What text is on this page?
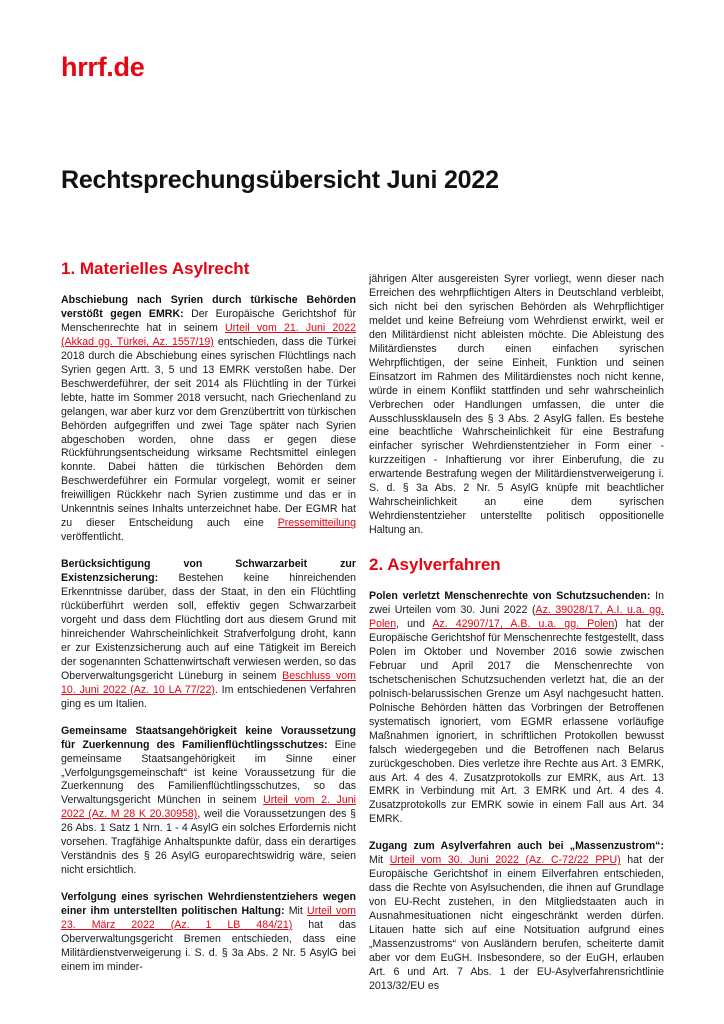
hrrf.de
Rechtsprechungsübersicht Juni 2022
1. Materielles Asylrecht

Abschiebung nach Syrien durch türkische Behörden verstößt gegen EMRK: Der Europäische Gerichtshof für Menschenrechte hat in seinem Urteil vom 21. Juni 2022 (Akkad gg. Türkei, Az. 1557/19) entschieden, dass die Türkei 2018 durch die Abschiebung eines syrischen Flüchtlings nach Syrien gegen Artt. 3, 5 und 13 EMRK verstoßen habe. Der Beschwerdeführer, der seit 2014 als Flüchtling in der Türkei lebte, hatte im Sommer 2018 versucht, nach Griechenland zu gelangen, war aber kurz vor dem Grenzübertritt von türkischen Behörden aufgegriffen und zwei Tage später nach Syrien abgeschoben worden, ohne dass er gegen diese Rückführungsentscheidung wirksame Rechtsmittel einlegen konnte. Dabei hätten die türkischen Behörden dem Beschwerdeführer ein Formular vorgelegt, womit er seiner freiwilligen Rückkehr nach Syrien zustimme und das er in Unkenntnis seines Inhalts unterzeichnet habe. Der EGMR hat zu dieser Entscheidung auch eine Pressemitteilung veröffentlicht.

Berücksichtigung von Schwarzarbeit zur Existenzsicherung: Bestehen keine hinreichenden Erkenntnisse darüber, dass der Staat, in den ein Flüchtling rücküberführt werden soll, effektiv gegen Schwarzarbeit vorgeht und dass dem Flüchtling dort aus diesem Grund mit hinreichender Wahrscheinlichkeit Strafverfolgung droht, kann er zur Existenzsicherung auch auf eine Tätigkeit im Bereich der sogenannten Schattenwirtschaft verwiesen werden, so das Oberverwaltungsgericht Lüneburg in seinem Beschluss vom 10. Juni 2022 (Az. 10 LA 77/22). Im entschiedenen Verfahren ging es um Italien.

Gemeinsame Staatsangehörigkeit keine Voraussetzung für Zuerkennung des Familienflüchtlingsschutzes: Eine gemeinsame Staatsangehörigkeit im Sinne einer „Verfolgungsgemeinschaft“ ist keine Voraussetzung für die Zuerkennung des Familienflüchtlingsschutzes, so das Verwaltungsgericht München in seinem Urteil vom 2. Juni 2022 (Az. M 28 K 20.30958), weil die Voraussetzungen des § 26 Abs. 1 Satz 1 Nrn. 1 - 4 AsylG ein solches Erfordernis nicht vorsehen. Tragfähige Anhaltspunkte dafür, dass ein derartiges Verständnis des § 26 AsylG europarechtswidrig wäre, seien nicht ersichtlich.

Verfolgung eines syrischen Wehrdienstentziehers wegen einer ihm unterstellten politischen Haltung: Mit Urteil vom 23. März 2022 (Az. 1 LB 484/21) hat das Oberverwaltungsgericht Bremen entschieden, dass eine Militärdienstverweigerung i. S. d. § 3a Abs. 2 Nr. 5 AsylG bei einem im minder-

jährigen Alter ausgereisten Syrer vorliegt, wenn dieser nach Erreichen des wehrpflichtigen Alters in Deutschland verbleibt, sich nicht bei den syrischen Behörden als Wehrpflichtiger meldet und keine Befreiung vom Wehrdienst erwirkt, weil er den Militärdienst nicht ableisten möchte. Die Ableistung des Militärdienstes durch einen einfachen syrischen Wehrpflichtigen, der seine Einheit, Funktion und seinen Einsatzort im Rahmen des Militärdienstes noch nicht kenne, würde in einem Konflikt stattfinden und sehr wahrscheinlich Verbrechen oder Handlungen umfassen, die unter die Ausschlussklauseln des § 3 Abs. 2 AsylG fallen. Es bestehe eine beachtliche Wahrscheinlichkeit für eine Bestrafung einfacher syrischer Wehrdienstentzieher in Form einer - kurzzeitigen - Inhaftierung vor ihrer Einberufung, die zu erwartende Bestrafung wegen der Militärdienstverweigerung i. S. d. § 3a Abs. 2 Nr. 5 AsylG knüpfe mit beachtlicher Wahrscheinlichkeit an eine dem syrischen Wehrdienstentzieher unterstellte politisch oppositionelle Haltung an.

2. Asylverfahren

Polen verletzt Menschenrechte von Schutzsuchenden: In zwei Urteilen vom 30. Juni 2022 (Az. 39028/17, A.I. u.a. gg. Polen, und Az. 42907/17, A.B. u.a. gg. Polen) hat der Europäische Gerichtshof für Menschenrechte festgestellt, dass Polen im Oktober und November 2016 sowie zwischen Februar und April 2017 die Menschenrechte von tschetschenischen Schutzsuchenden verletzt hat, die an der polnisch-belarussischen Grenze um Asyl nachgesucht hatten. Polnische Behörden hätten das Vorbringen der Betroffenen systematisch ignoriert, vom EGMR erlassene vorläufige Maßnahmen ignoriert, in schriftlichen Protokollen bewusst falsch wiedergegeben und die Betroffenen nach Belarus zurückgeschoben. Dies verletze ihre Rechte aus Art. 3 EMRK, aus Art. 4 des 4. Zusatzprotokolls zur EMRK, aus Art. 13 EMRK in Verbindung mit Art. 3 EMRK und Art. 4 des 4. Zusatzprotokolls zur EMRK sowie in einem Fall aus Art. 34 EMRK.

Zugang zum Asylverfahren auch bei „Massenzustrom“: Mit Urteil vom 30. Juni 2022 (Az. C-72/22 PPU) hat der Europäische Gerichtshof in einem Eilverfahren entschieden, dass die Rechte von Asylsuchenden, die ihnen auf Grundlage von EU-Recht zustehen, in den Mitgliedstaaten auch in Ausnahmesituationen nicht eingeschränkt werden dürfen. Litauen hatte sich auf eine Notsituation aufgrund eines „Massenzustroms“ von Ausländern berufen, scheiterte damit aber vor dem EuGH. Insbesondere, so der EuGH, erlauben Art. 6 und Art. 7 Abs. 1 der EU-Asylverfahrensrichtlinie 2013/32/EU es
